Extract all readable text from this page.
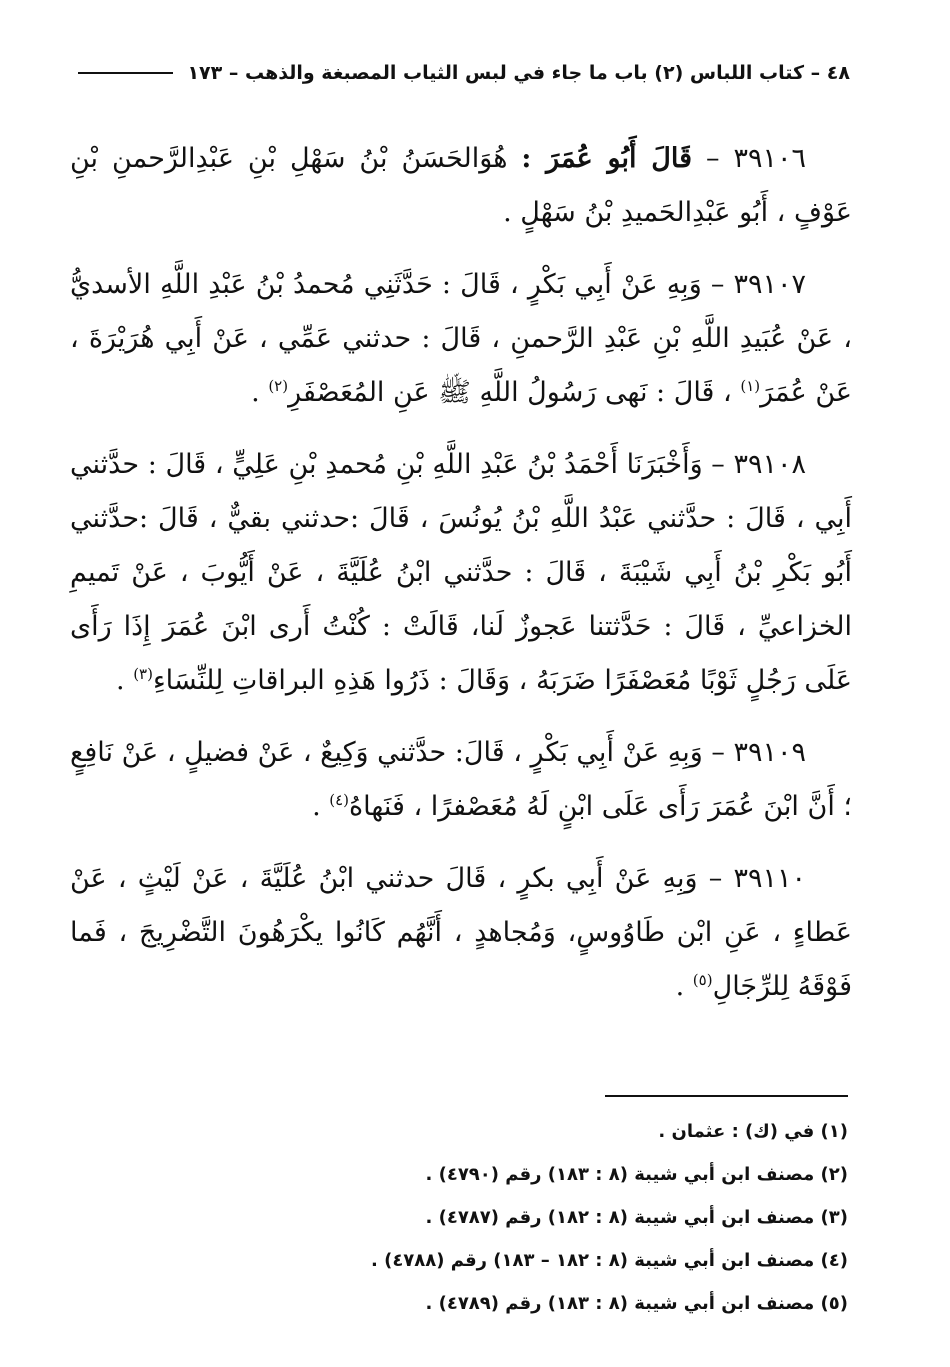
٤٨ – كتاب اللباس (٢) باب ما جاء في لبس الثياب المصبغة والذهب – ١٧٣

٣٩١٠٦ – قَالَ أَبُو عُمَرَ : هُوَالحَسَنُ بْنُ سَهْلِ بْنِ عَبْدِالرَّحمنِ بْنِ عَوْفٍ ، أَبُو عَبْدِالحَميدِ بْنُ سَهْلٍ .

٣٩١٠٧ – وَبِهِ عَنْ أَبِي بَكْرٍ ، قَالَ : حَدَّثَنِي مُحمدُ بْنُ عَبْدِ اللَّهِ الأسديُّ ، عَنْ عُبَيدِ اللَّهِ بْنِ عَبْدِ الرَّحمنِ ، قَالَ : حدثني عَمِّي ، عَنْ أَبِي هُرَيْرَةَ ، عَنْ عُمَرَ$^{(١)}$ ، قَالَ : نَهى رَسُولُ اللَّهِ ﷺ عَنِ المُعَصْفَرِ$^{(٢)}$ .

٣٩١٠٨ – وَأَخْبَرَنَا أَحْمَدُ بْنُ عَبْدِ اللَّهِ بْنِ مُحمدِ بْنِ عَلِيٍّ ، قَالَ : حدَّثني أَبِي ، قَالَ : حدَّثني عَبْدُ اللَّهِ بْنُ يُونُسَ ، قَالَ :حدثني بقيٌّ ، قَالَ :حدَّثني أَبُو بَكْرِ بْنُ أَبِي شَيْبَةَ ، قَالَ : حدَّثني ابْنُ عُلَيَّةَ ، عَنْ أَيُّوبَ ، عَنْ تَميمِ الخزاعيِّ ، قَالَ : حَدَّثتنا عَجوزٌ لَنا، قَالَتْ : كُنْتُ أَرى ابْنَ عُمَرَ إِذَا رَأَى عَلَى رَجُلٍ ثَوْبًا مُعَصْفَرًا ضَرَبَهُ ، وَقَالَ : ذَرُوا هَذِهِ البراقاتِ لِلنِّسَاءِ$^{(٣)}$ .

٣٩١٠٩ – وَبِهِ عَنْ أَبِي بَكْرٍ ، قَالَ: حدَّثني وَكِيعٌ ، عَنْ فضيلٍ ، عَنْ نَافِعٍ ؛ أَنَّ ابْنَ عُمَرَ رَأَى عَلَى ابْنٍ لَهُ مُعَصْفرًا ، فَنَهاهُ$^{(٤)}$ .

٣٩١١٠ – وَبِهِ عَنْ أَبِي بكرٍ ، قَالَ حدثني ابْنُ عُلَيَّةَ ، عَنْ لَيْثٍ ، عَنْ عَطاءٍ ، عَنِ ابْن طَاوُوسٍ، وَمُجاهدٍ ، أَنَّهُم كَانُوا يكْرَهُونَ التَّضْرِيجَ ، فَما فَوْقَهُ لِلرِّجَالِ$^{(٥)}$ .

(١) في (ك) : عثمان .
(٢) مصنف ابن أبي شيبة (٨ : ١٨٣) رقم (٤٧٩٠) .
(٣) مصنف ابن أبي شيبة (٨ : ١٨٢) رقم (٤٧٨٧) .
(٤) مصنف ابن أبي شيبة (٨ : ١٨٢ – ١٨٣) رقم (٤٧٨٨) .
(٥) مصنف ابن أبي شيبة (٨ : ١٨٣) رقم (٤٧٨٩) .
